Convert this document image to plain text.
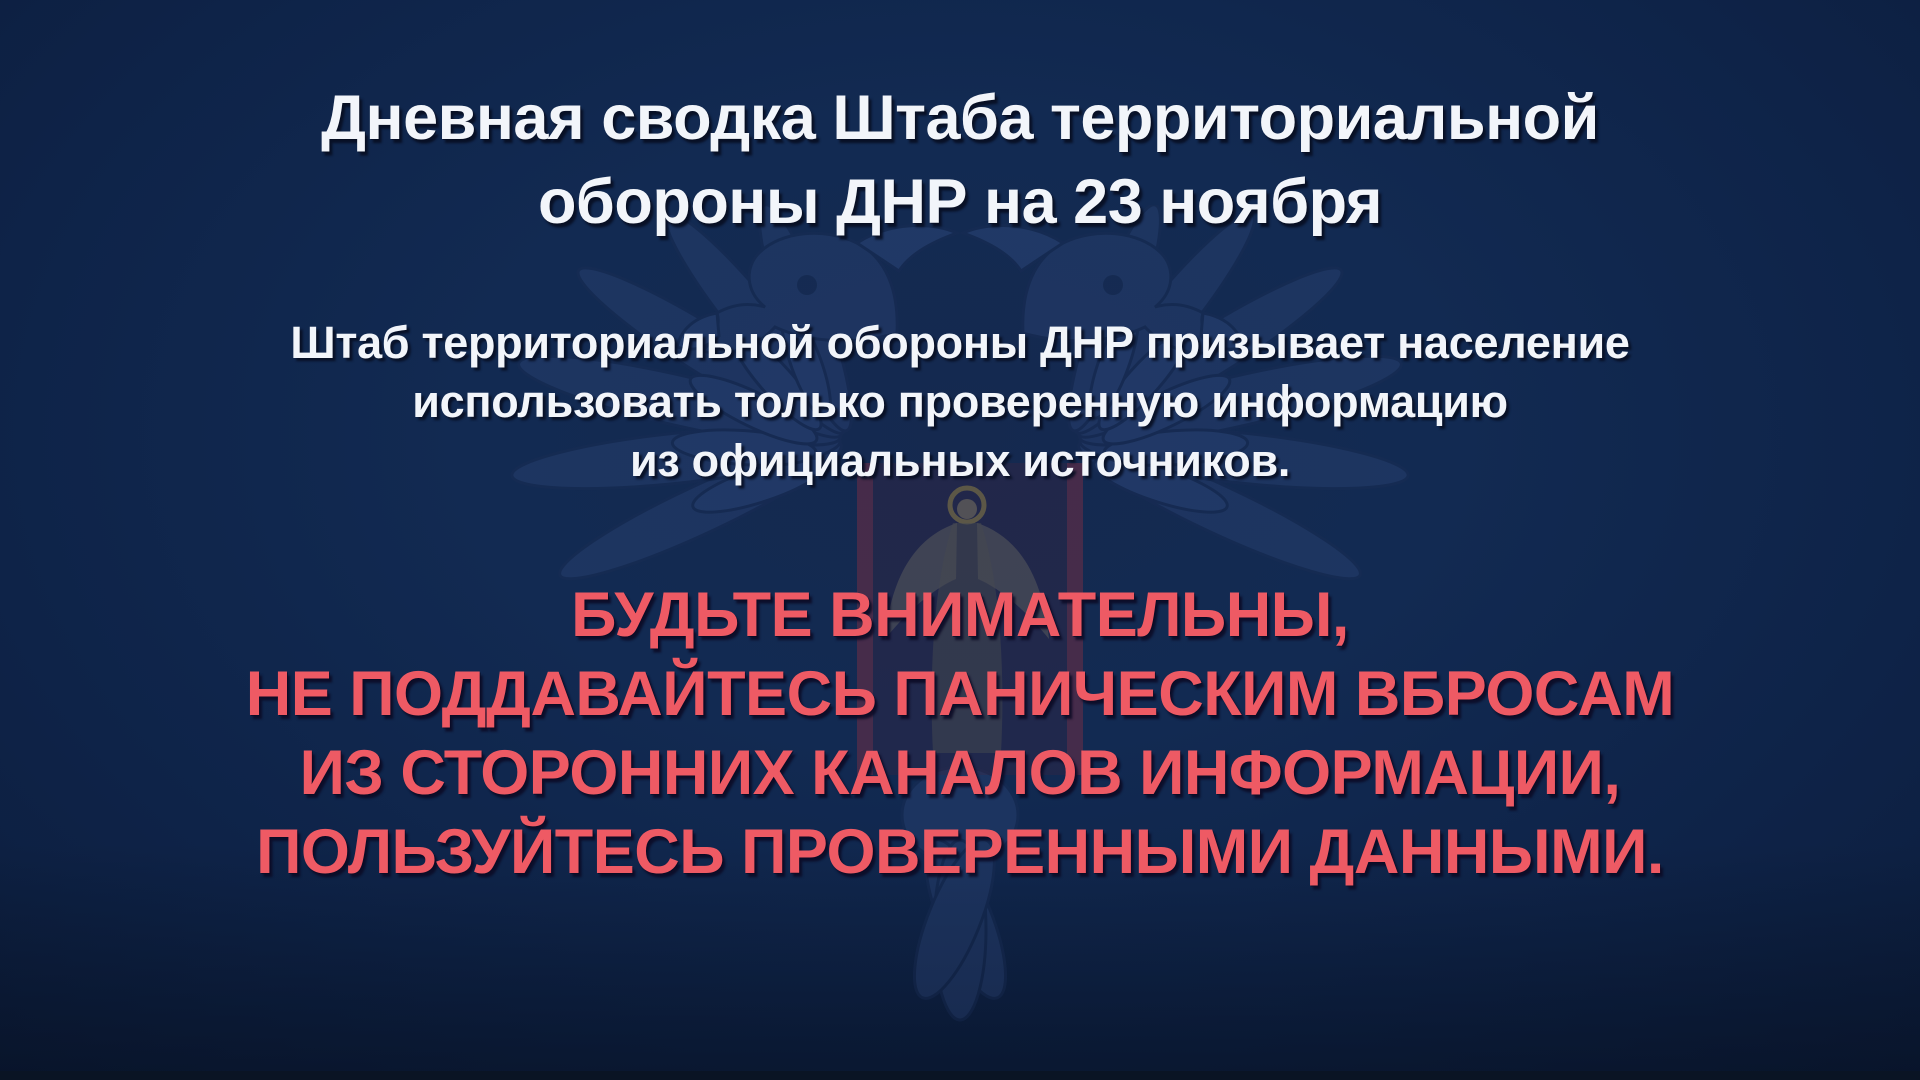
Дневная сводка Штаба территориальной
обороны ДНР на 23 ноября
Штаб территориальной обороны ДНР призывает население
использовать только проверенную информацию
из официальных источников.
БУДЬТЕ ВНИМАТЕЛЬНЫ,
НЕ ПОДДАВАЙТЕСЬ ПАНИЧЕСКИМ ВБРОСАМ
ИЗ СТОРОННИХ КАНАЛОВ ИНФОРМАЦИИ,
ПОЛЬЗУЙТЕСЬ ПРОВЕРЕННЫМИ ДАННЫМИ.
